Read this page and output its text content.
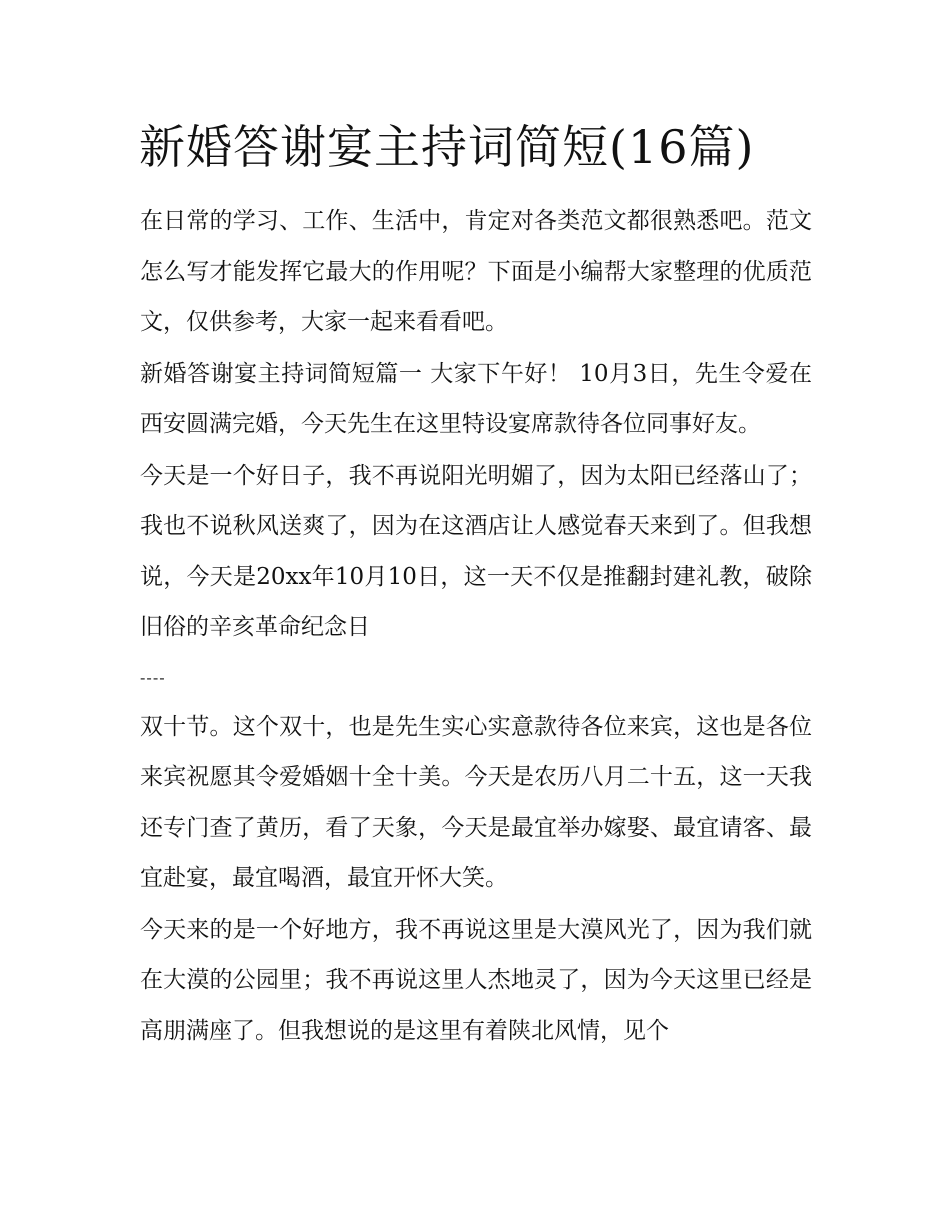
新婚答谢宴主持词简短(16篇)

在日常的学习、工作、生活中，肯定对各类范文都很熟悉吧。范文怎么写才能发挥它最大的作用呢？下面是小编帮大家整理的优质范文，仅供参考，大家一起来看看吧。

新婚答谢宴主持词简短篇一 大家下午好！ 10月3日，先生令爱在西安圆满完婚，今天先生在这里特设宴席款待各位同事好友。

今天是一个好日子，我不再说阳光明媚了，因为太阳已经落山了；我也不说秋风送爽了，因为在这酒店让人感觉春天来到了。但我想说，今天是20xx年10月10日，这一天不仅是推翻封建礼教，破除旧俗的辛亥革命纪念日

----

双十节。这个双十，也是先生实心实意款待各位来宾，这也是各位来宾祝愿其令爱婚姻十全十美。今天是农历八月二十五，这一天我还专门查了黄历，看了天象，今天是最宜举办嫁娶、最宜请客、最宜赴宴，最宜喝酒，最宜开怀大笑。

今天来的是一个好地方，我不再说这里是大漠风光了，因为我们就在大漠的公园里；我不再说这里人杰地灵了，因为今天这里已经是高朋满座了。但我想说的是这里有着陕北风情，见个
